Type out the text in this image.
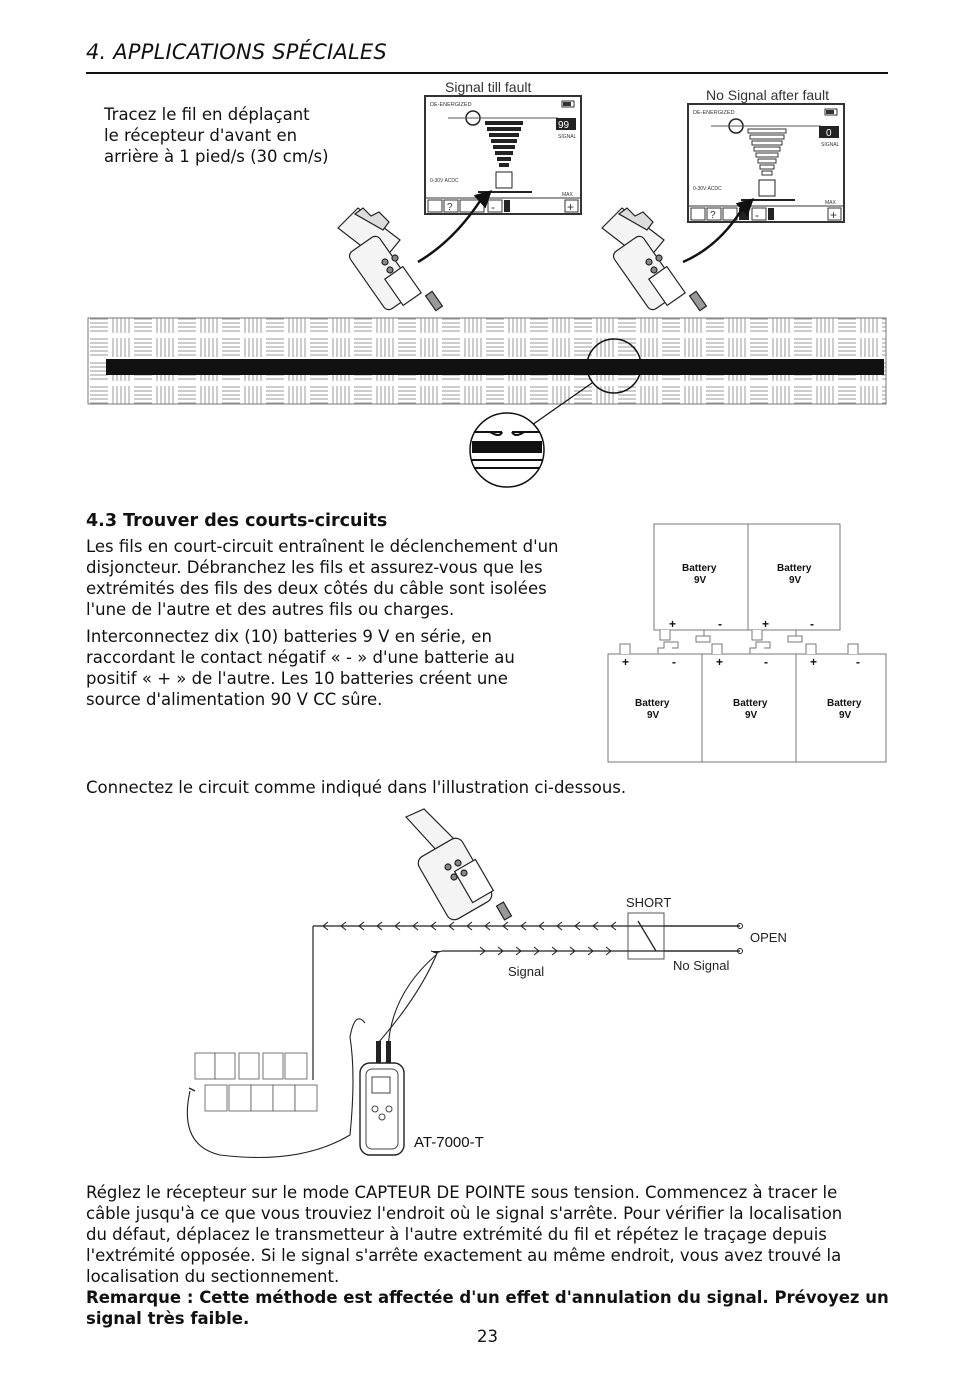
4. APPLICATIONS SPÉCIALES
Tracez le fil en déplaçant
le récepteur d'avant en
arrière à 1 pied/s (30 cm/s)
Signal till fault
DE-ENERGIZED
99
SIGNAL
0-30V ACDC
MAX
?	-	+
No Signal after fault
DE-ENERGIZED
0
SIGNAL
0-30V ACDC
MAX
?	-	+
4.3 Trouver des courts-circuits
Les fils en court-circuit entraînent le déclenchement d'un
disjoncteur. Débranchez les fils et assurez-vous que les
extrémités des fils des deux côtés du câble sont isolées
l'une de l'autre et des autres fils ou charges.
Interconnectez dix (10) batteries 9 V en série, en
raccordant le contact négatif « - » d'une batterie au
positif « + » de l'autre. Les 10 batteries créent une
source d'alimentation 90 V CC sûre.
Battery
9V
Battery
9V
Battery
9V
Battery
9V
Battery
9V
+	-	+	-
+	-	+	-	+	-
Connectez le circuit comme indiqué dans l'illustration ci-dessous.
SHORT
OPEN
No Signal
Signal
AT-7000-T
Réglez le récepteur sur le mode CAPTEUR DE POINTE sous tension. Commencez à tracer le
câble jusqu'à ce que vous trouviez l'endroit où le signal s'arrête. Pour vérifier la localisation
du défaut, déplacez le transmetteur à l'autre extrémité du fil et répétez le traçage depuis
l'extrémité opposée. Si le signal s'arrête exactement au même endroit, vous avez trouvé la
localisation du sectionnement.
Remarque : Cette méthode est affectée d'un effet d'annulation du signal. Prévoyez un
signal très faible.
23
